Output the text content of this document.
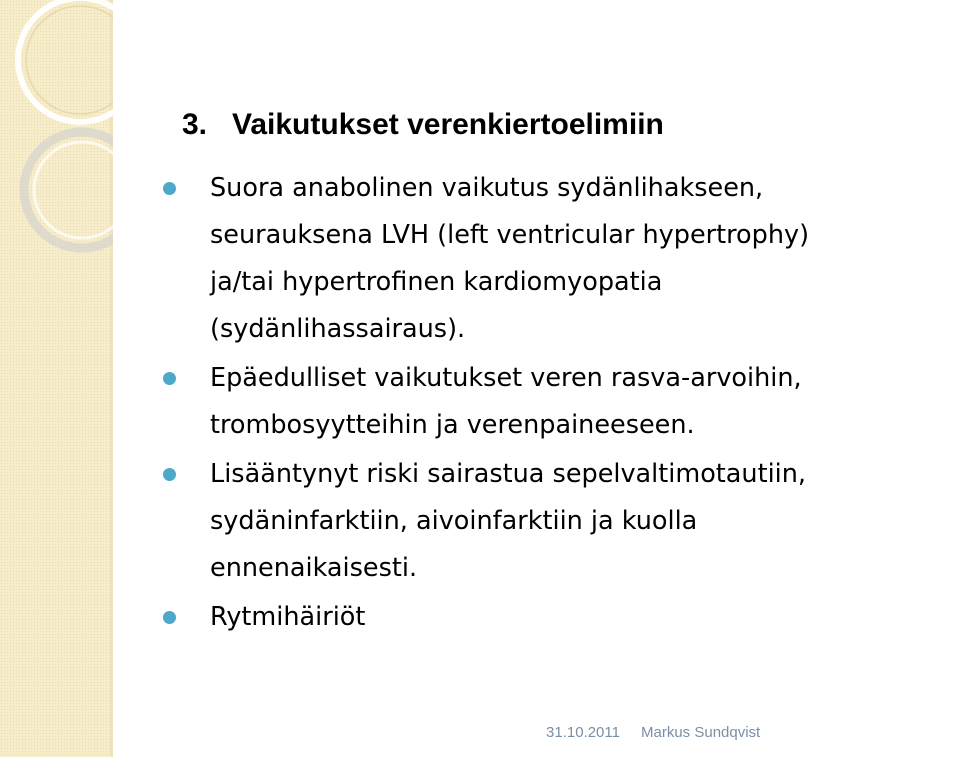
3. Vaikutukset verenkiertoelimiin
Suora anabolinen vaikutus sydänlihakseen,
seurauksena LVH (left ventricular hypertrophy)
ja/tai hypertrofinen kardiomyopatia
(sydänlihassairaus).
Epäedulliset vaikutukset veren rasva-arvoihin,
trombosyytteihin ja verenpaineeseen.
Lisääntynyt riski sairastua sepelvaltimotautiin,
sydäninfarktiin, aivoinfarktiin ja kuolla
ennenaikaisesti.
Rytmihäiriöt
31.10.2011 Markus Sundqvist
